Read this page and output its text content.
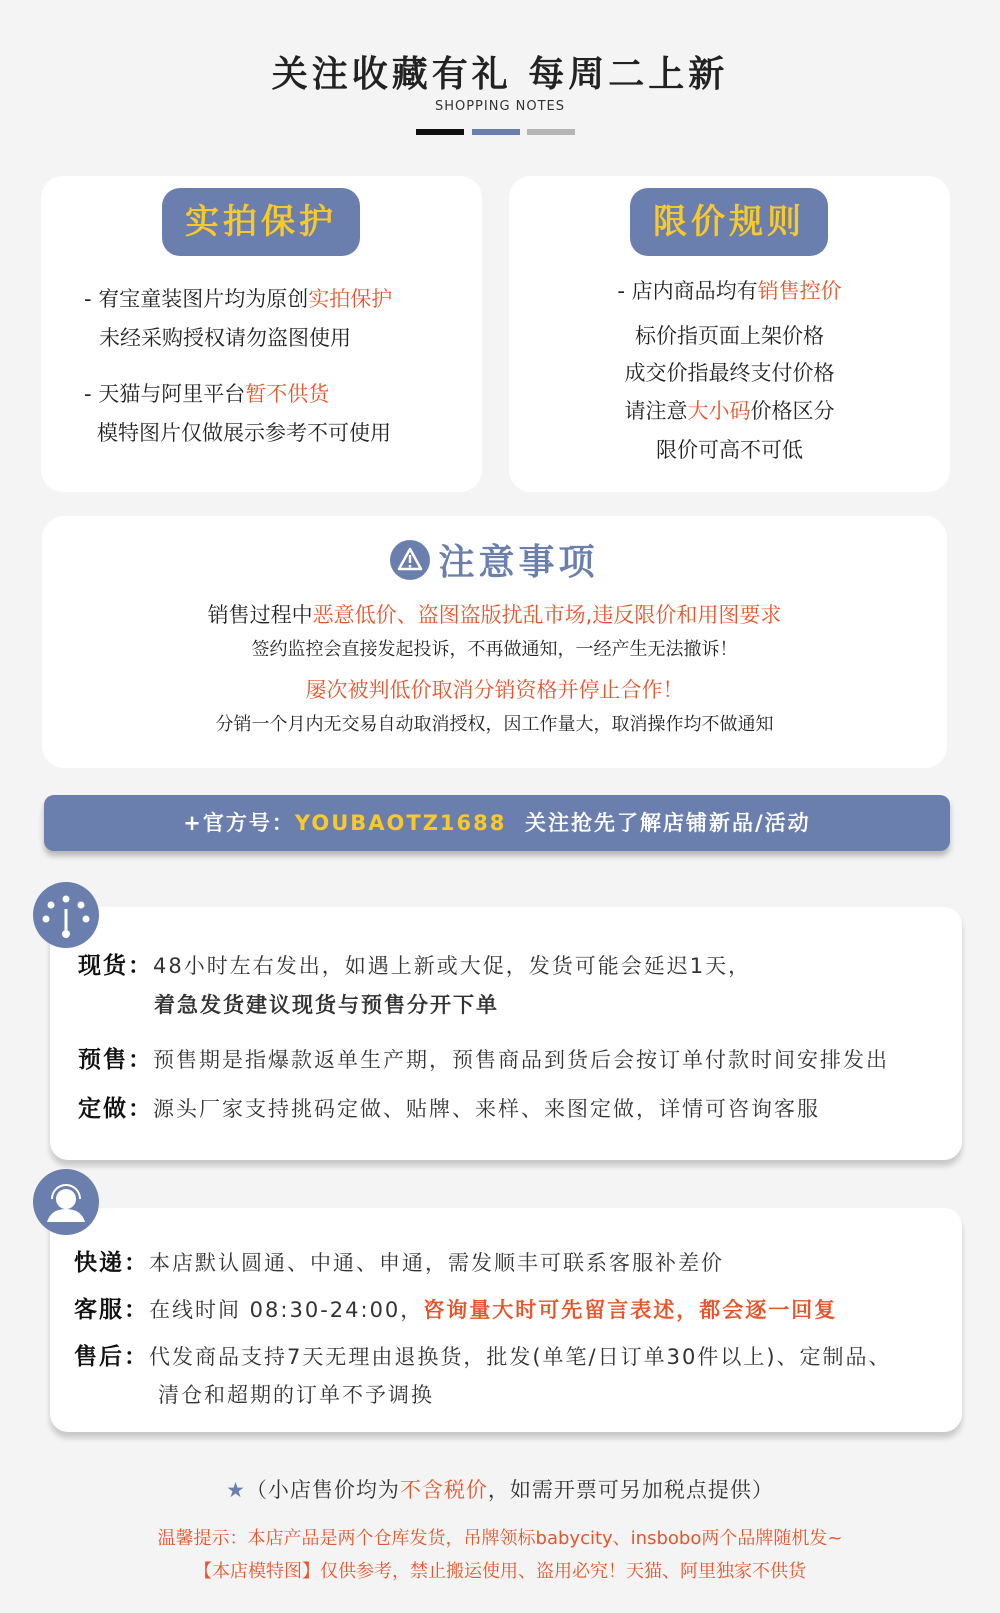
关注收藏有礼 每周二上新
SHOPPING NOTES
实拍保护
- 宥宝童装图片均为原创实拍保护
未经采购授权请勿盗图使用
- 天猫与阿里平台暂不供货
模特图片仅做展示参考不可使用
限价规则
- 店内商品均有销售控价
标价指页面上架价格
成交价指最终支付价格
请注意大小码价格区分
限价可高不可低
注意事项
销售过程中恶意低价、盗图盗版扰乱市场,违反限价和用图要求
签约监控会直接发起投诉，不再做通知，一经产生无法撤诉！
屡次被判低价取消分销资格并停止合作！
分销一个月内无交易自动取消授权，因工作量大，取消操作均不做通知
+官方号：YOUBAOTZ1688 关注抢先了解店铺新品/活动
现货：48小时左右发出，如遇上新或大促，发货可能会延迟1天，
着急发货建议现货与预售分开下单
预售：预售期是指爆款返单生产期，预售商品到货后会按订单付款时间安排发出
定做：源头厂家支持挑码定做、贴牌、来样、来图定做，详情可咨询客服
快递：本店默认圆通、中通、申通，需发顺丰可联系客服补差价
客服：在线时间 08:30-24:00，咨询量大时可先留言表述，都会逐一回复
售后：代发商品支持7天无理由退换货，批发(单笔/日订单30件以上)、定制品、
清仓和超期的订单不予调换
★（小店售价均为不含税价，如需开票可另加税点提供）
温馨提示：本店产品是两个仓库发货，吊牌领标babycity、insbobo两个品牌随机发~
【本店模特图】仅供参考，禁止搬运使用、盗用必究！天猫、阿里独家不供货
